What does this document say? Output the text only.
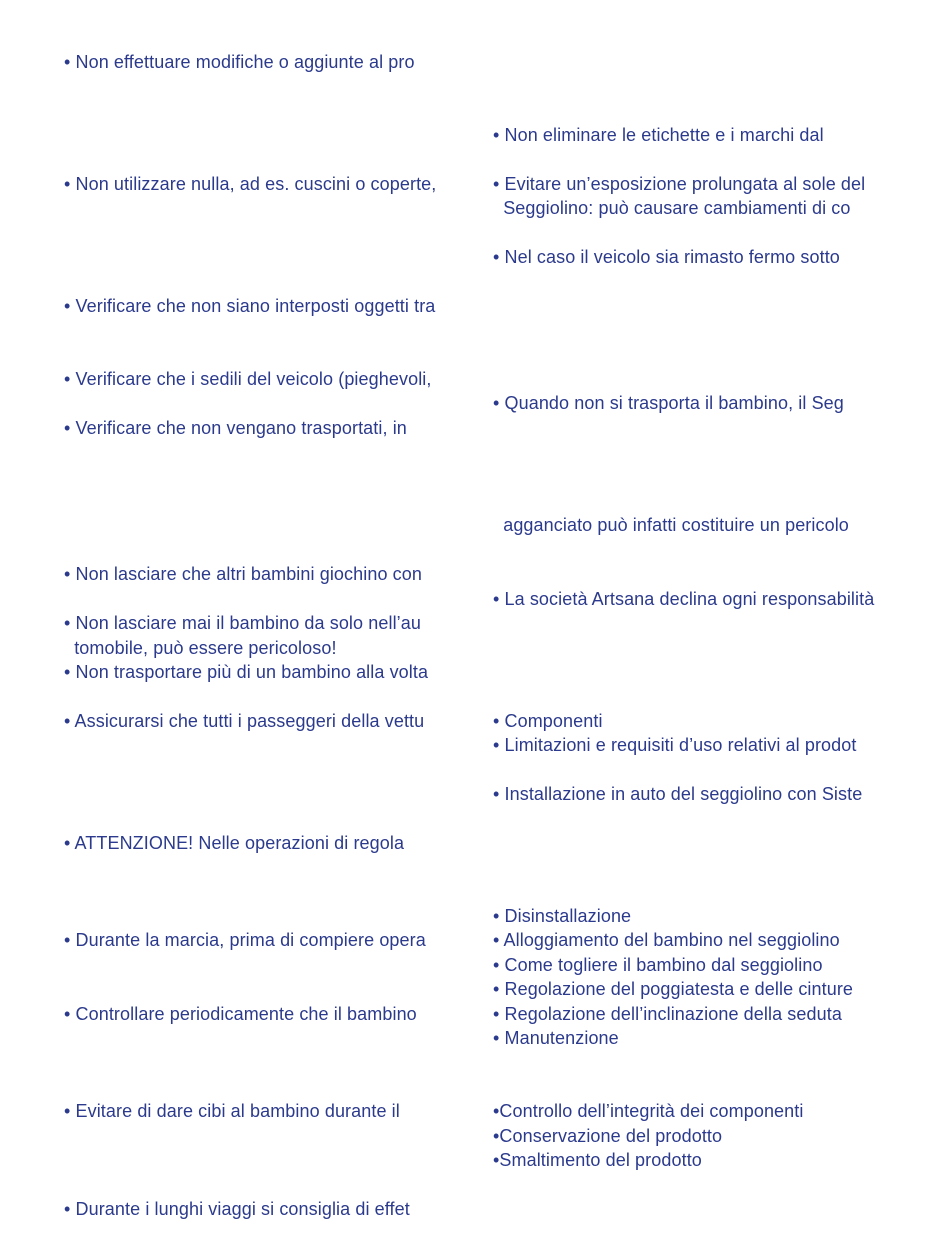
• Non effettuare modifiche o aggiunte al pro
• Non utilizzare nulla, ad es. cuscini o coperte,
• Verificare che non siano interposti oggetti tra
• Verificare che i sedili del veicolo (pieghevoli,
• Verificare che non vengano trasportati, in
• Non lasciare che altri bambini giochino con
• Non lasciare mai il bambino da solo nell’au
tomobile, può essere pericoloso!
• Non trasportare più di un bambino alla volta
• Assicurarsi che tutti i passeggeri della vettu
• ATTENZIONE! Nelle operazioni di regola
• Durante la marcia, prima di compiere opera
• Controllare periodicamente che il bambino
• Evitare di dare cibi al bambino durante il
• Durante i lunghi viaggi si consiglia di effet
• Non eliminare le etichette e i marchi dal
• Evitare un’esposizione prolungata al sole del
Seggiolino: può causare cambiamenti di co
• Nel caso il veicolo sia rimasto fermo sotto
• Quando non si trasporta il bambino, il Seg
agganciato può infatti costituire un pericolo
• La società Artsana declina ogni responsabilità
• Componenti
• Limitazioni e requisiti d’uso relativi al prodot
• Installazione in auto del seggiolino con Siste
• Disinstallazione
• Alloggiamento del bambino nel seggiolino
• Come togliere il bambino dal seggiolino
• Regolazione del poggiatesta e delle cinture
• Regolazione dell’inclinazione della seduta
• Manutenzione
•Controllo dell’integrità dei componenti
•Conservazione del prodotto
•Smaltimento del prodotto
